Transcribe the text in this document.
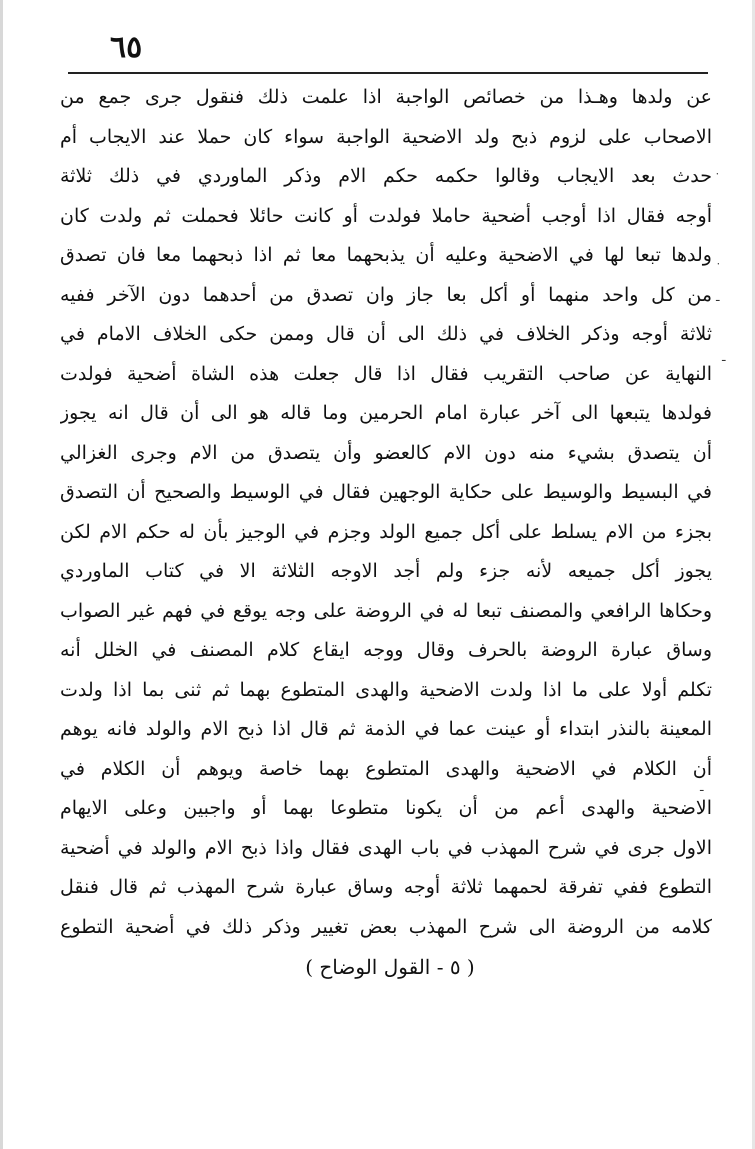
٦٥
عن ولدها وهـذا من خصائص الواجبة اذا علمت ذلك فنقول جرى جمع من
الاصحاب على لزوم ذبح ولد الاضحية الواجبة سواء كان حملا عند الايجاب أم
حدث بعد الايجاب وقالوا حكمه حكم الام وذكر الماوردي في ذلك ثلاثة
أوجه فقال اذا أوجب أضحية حاملا فولدت أو كانت حائلا فحملت ثم ولدت كان
ولدها تبعا لها في الاضحية وعليه أن يذبحهما معا ثم اذا ذبحهما معا فان تصدق
من كل واحد منهما أو أكل بعا جاز وان تصدق من أحدهما دون الآخر ففيه
ثلاثة أوجه وذكر الخلاف في ذلك الى أن قال وممن حكى الخلاف الامام في
النهاية عن صاحب التقريب فقال اذا قال جعلت هذه الشاة أضحية فولدت
فولدها يتبعها الى آخر عبارة امام الحرمين وما قاله هو الى أن قال انه يجوز
أن يتصدق بشيء منه دون الام كالعضو وأن يتصدق من الام وجرى الغزالي
في البسيط والوسيط على حكاية الوجهين فقال في الوسيط والصحيح أن التصدق
بجزء من الام يسلط على أكل جميع الولد وجزم في الوجيز بأن له حكم الام لكن
يجوز أكل جميعه لأنه جزء ولم أجد الاوجه الثلاثة الا في كتاب الماوردي
وحكاها الرافعي والمصنف تبعا له في الروضة على وجه يوقع في فهم غير الصواب
وساق عبارة الروضة بالحرف وقال ووجه ايقاع كلام المصنف في الخلل أنه
تكلم أولا على ما اذا ولدت الاضحية والهدى المتطوع بهما ثم ثنى بما اذا ولدت
المعينة بالنذر ابتداء أو عينت عما في الذمة ثم قال اذا ذبح الام والولد فانه يوهم
أن الكلام في الاضحية والهدى المتطوع بهما خاصة ويوهم أن الكلام في
الاضحية والهدى أعم من أن يكونا متطوعا بهما أو واجبين وعلى الايهام
الاول جرى في شرح المهذب في باب الهدى فقال واذا ذبح الام والولد في أضحية
التطوع ففي تفرقة لحمهما ثلاثة أوجه وساق عبارة شرح المهذب ثم قال فنقل
كلامه من الروضة الى شرح المهذب بعض تغيير وذكر ذلك في أضحية التطوع
( ٥ - القول الوضاح )
ـ
ـ
ـ
